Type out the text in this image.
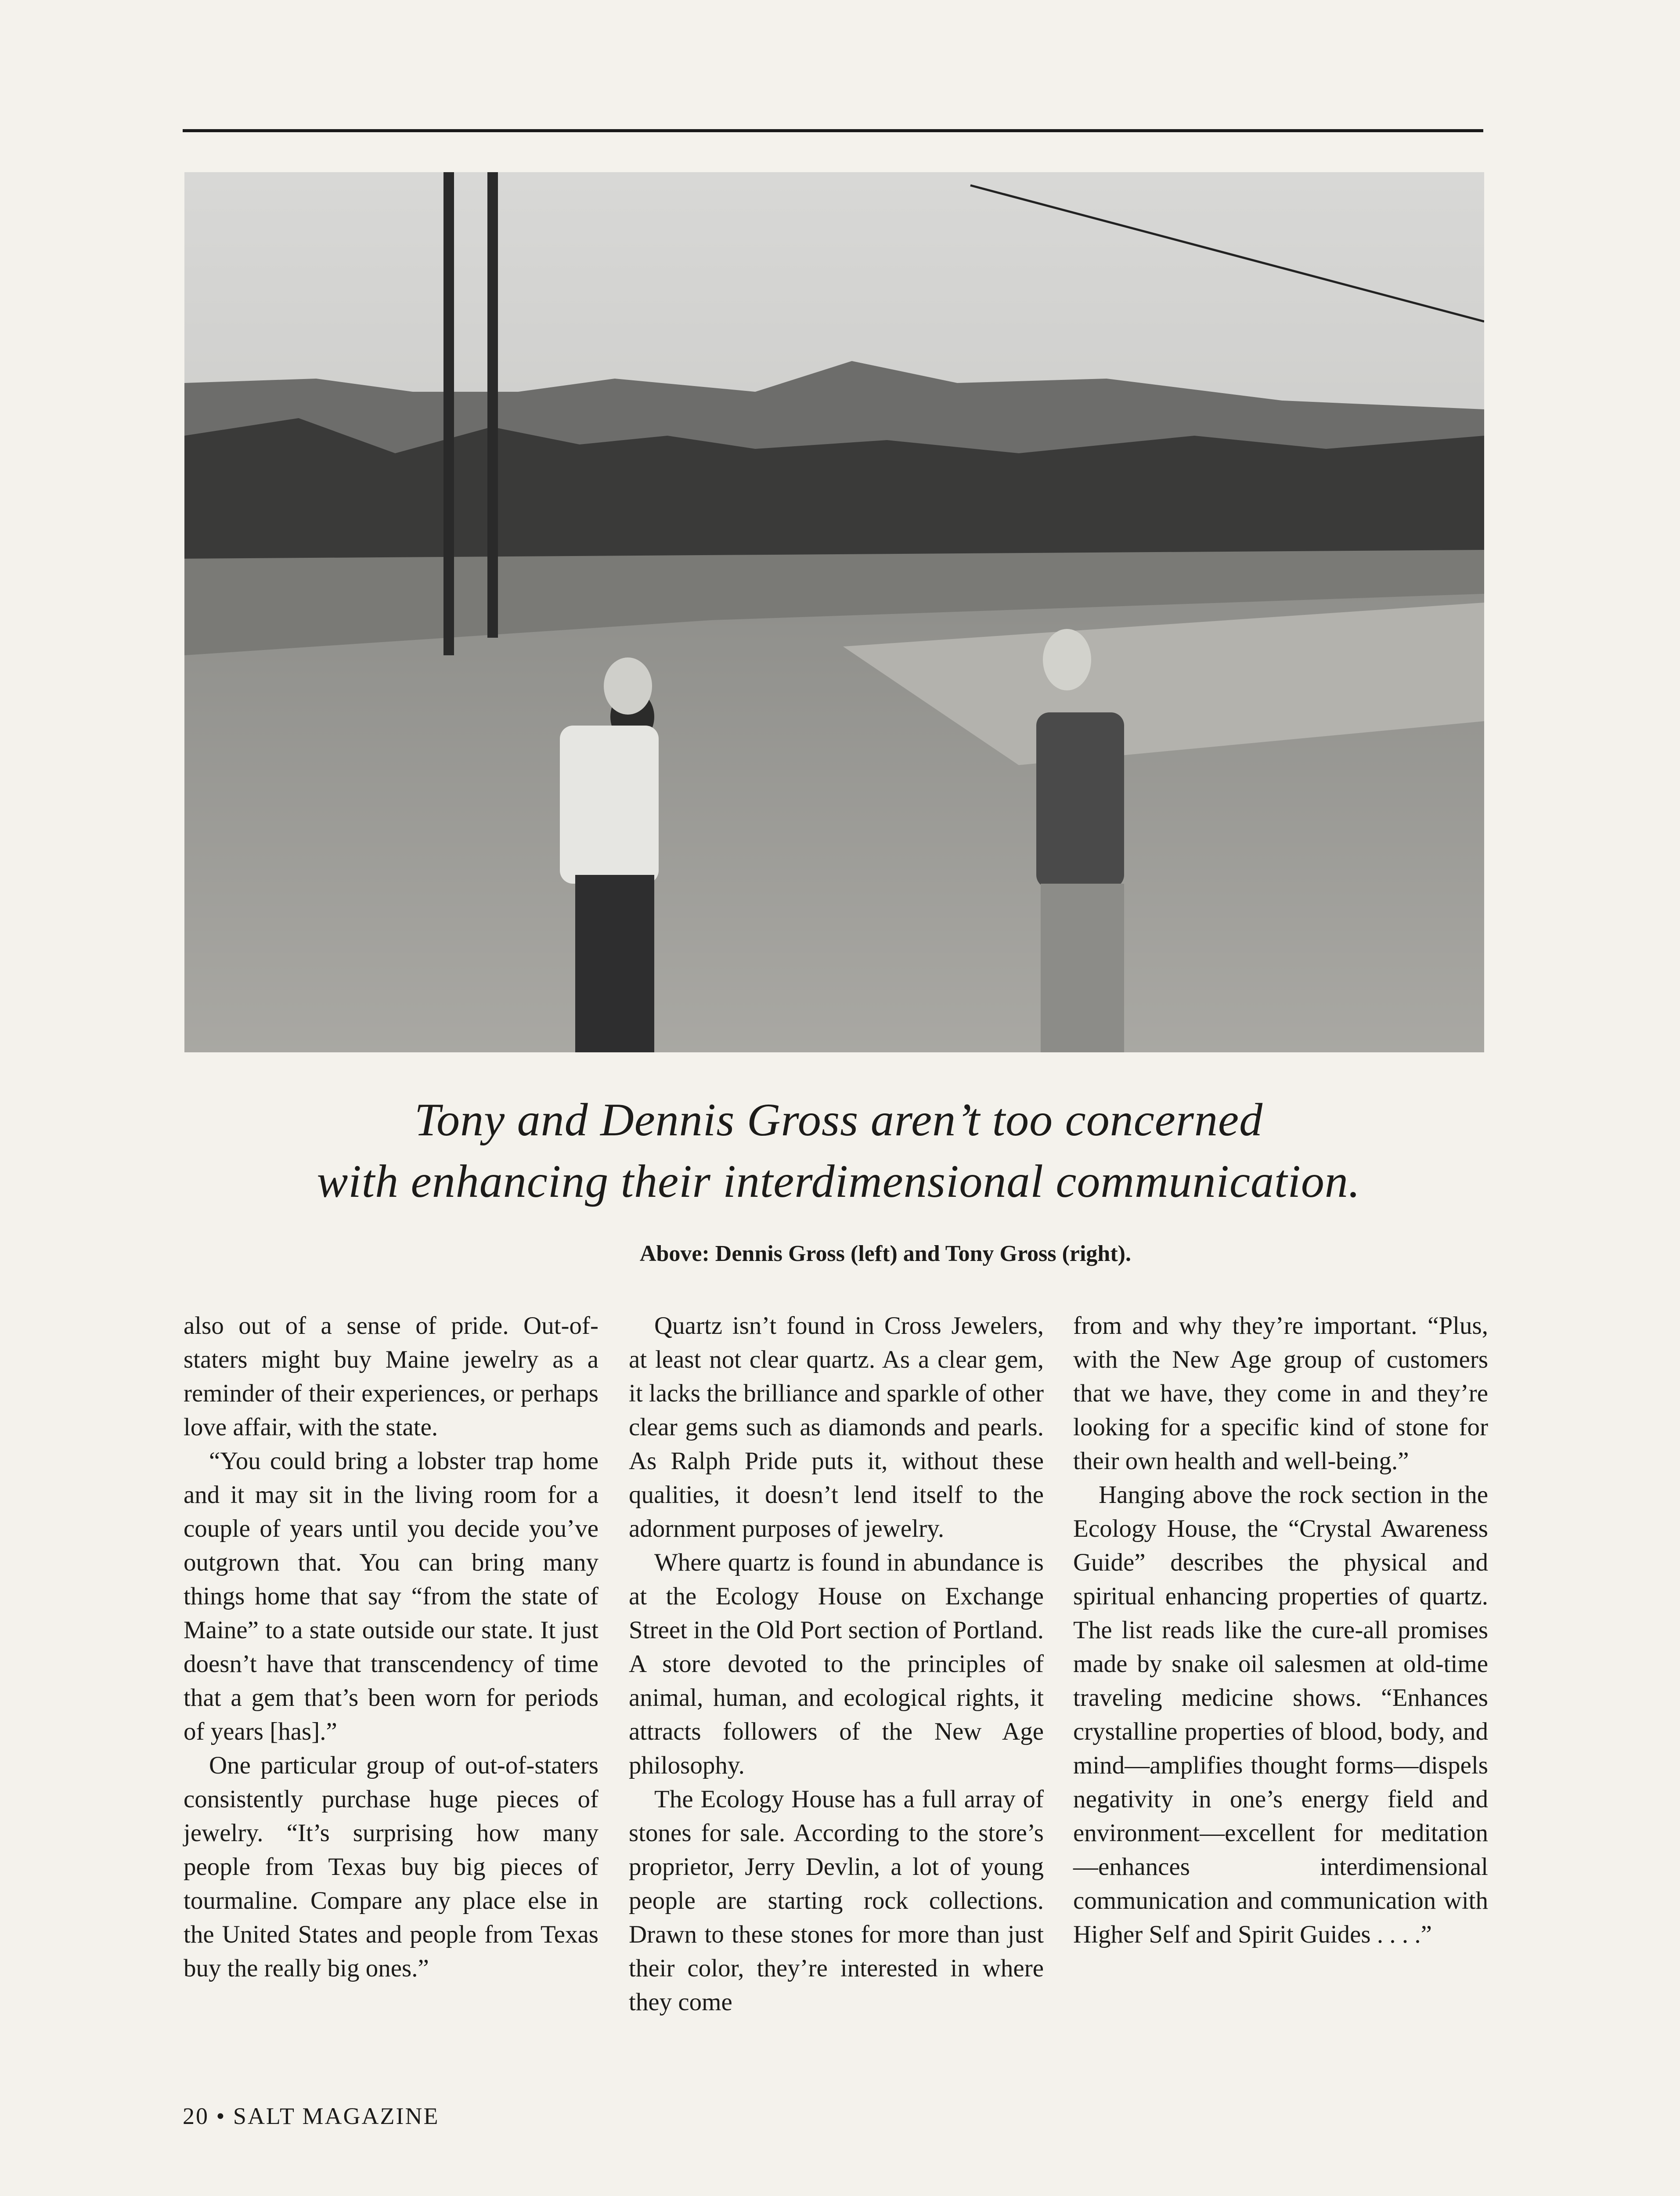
Tony and Dennis Gross aren’t too concerned
with enhancing their interdimensional communication.
Above: Dennis Gross (left) and Tony Gross (right).

also out of a sense of pride. Out-of-staters might buy Maine jewelry as a reminder of their experiences, or perhaps love affair, with the state.

“You could bring a lobster trap home and it may sit in the living room for a couple of years until you decide you’ve outgrown that. You can bring many things home that say “from the state of Maine” to a state outside our state. It just doesn’t have that transcendency of time that a gem that’s been worn for periods of years [has].”

One particular group of out-of-staters consistently purchase huge pieces of jewelry. “It’s surprising how many people from Texas buy big pieces of tourmaline. Compare any place else in the United States and people from Texas buy the really big ones.”

Quartz isn’t found in Cross Jewelers, at least not clear quartz. As a clear gem, it lacks the brilliance and sparkle of other clear gems such as diamonds and pearls. As Ralph Pride puts it, without these qualities, it doesn’t lend itself to the adornment purposes of jewelry.

Where quartz is found in abundance is at the Ecology House on Exchange Street in the Old Port section of Portland. A store devoted to the principles of animal, human, and ecological rights, it attracts followers of the New Age philosophy.

The Ecology House has a full array of stones for sale. According to the store’s proprietor, Jerry Devlin, a lot of young people are starting rock collections. Drawn to these stones for more than just their color, they’re interested in where they come

from and why they’re important. “Plus, with the New Age group of customers that we have, they come in and they’re looking for a specific kind of stone for their own health and well-being.”

Hanging above the rock section in the Ecology House, the “Crystal Awareness Guide” describes the physical and spiritual enhancing properties of quartz. The list reads like the cure-all promises made by snake oil salesmen at old-time traveling medicine shows. “Enhances crystalline properties of blood, body, and mind—amplifies thought forms—dispels negativity in one’s energy field and environment—excellent for meditation—enhances interdimensional communication and communication with Higher Self and Spirit Guides . . . .”

20 • SALT MAGAZINE
